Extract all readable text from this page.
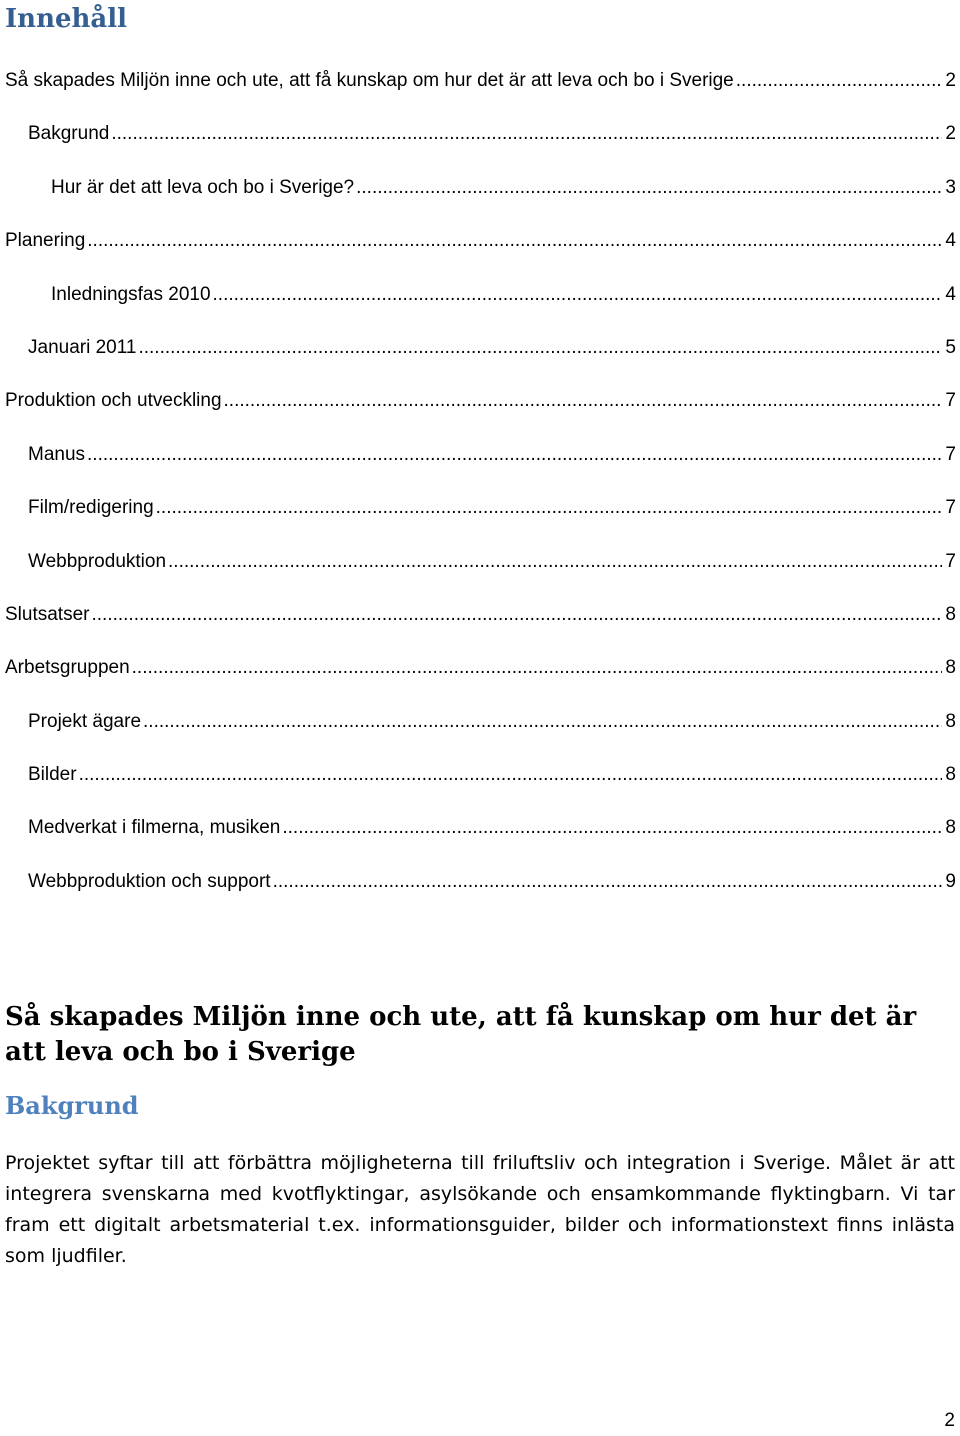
Innehåll
Så skapades Miljön inne och ute, att få kunskap om hur det är att leva och bo i Sverige .....	2
Bakgrund .....	2
Hur är det att leva och bo i Sverige? .....	3
Planering .....	4
Inledningsfas 2010 .....	4
Januari 2011 .....	5
Produktion och utveckling .....	7
Manus .....	7
Film/redigering .....	7
Webbproduktion .....	7
Slutsatser .....	8
Arbetsgruppen .....	8
Projekt ägare .....	8
Bilder .....	8
Medverkat i filmerna, musiken .....	8
Webbproduktion och support .....	9
Så skapades Miljön inne och ute, att få kunskap om hur det är att leva och bo i Sverige
Bakgrund

Projektet syftar till att förbättra möjligheterna till friluftsliv och integration i Sverige. Målet är att integrera svenskarna med kvotflyktingar, asylsökande och ensamkommande flyktingbarn. Vi tar fram ett digitalt arbetsmaterial t.ex. informationsguider, bilder och informationstext finns inlästa som ljudfiler.

2
